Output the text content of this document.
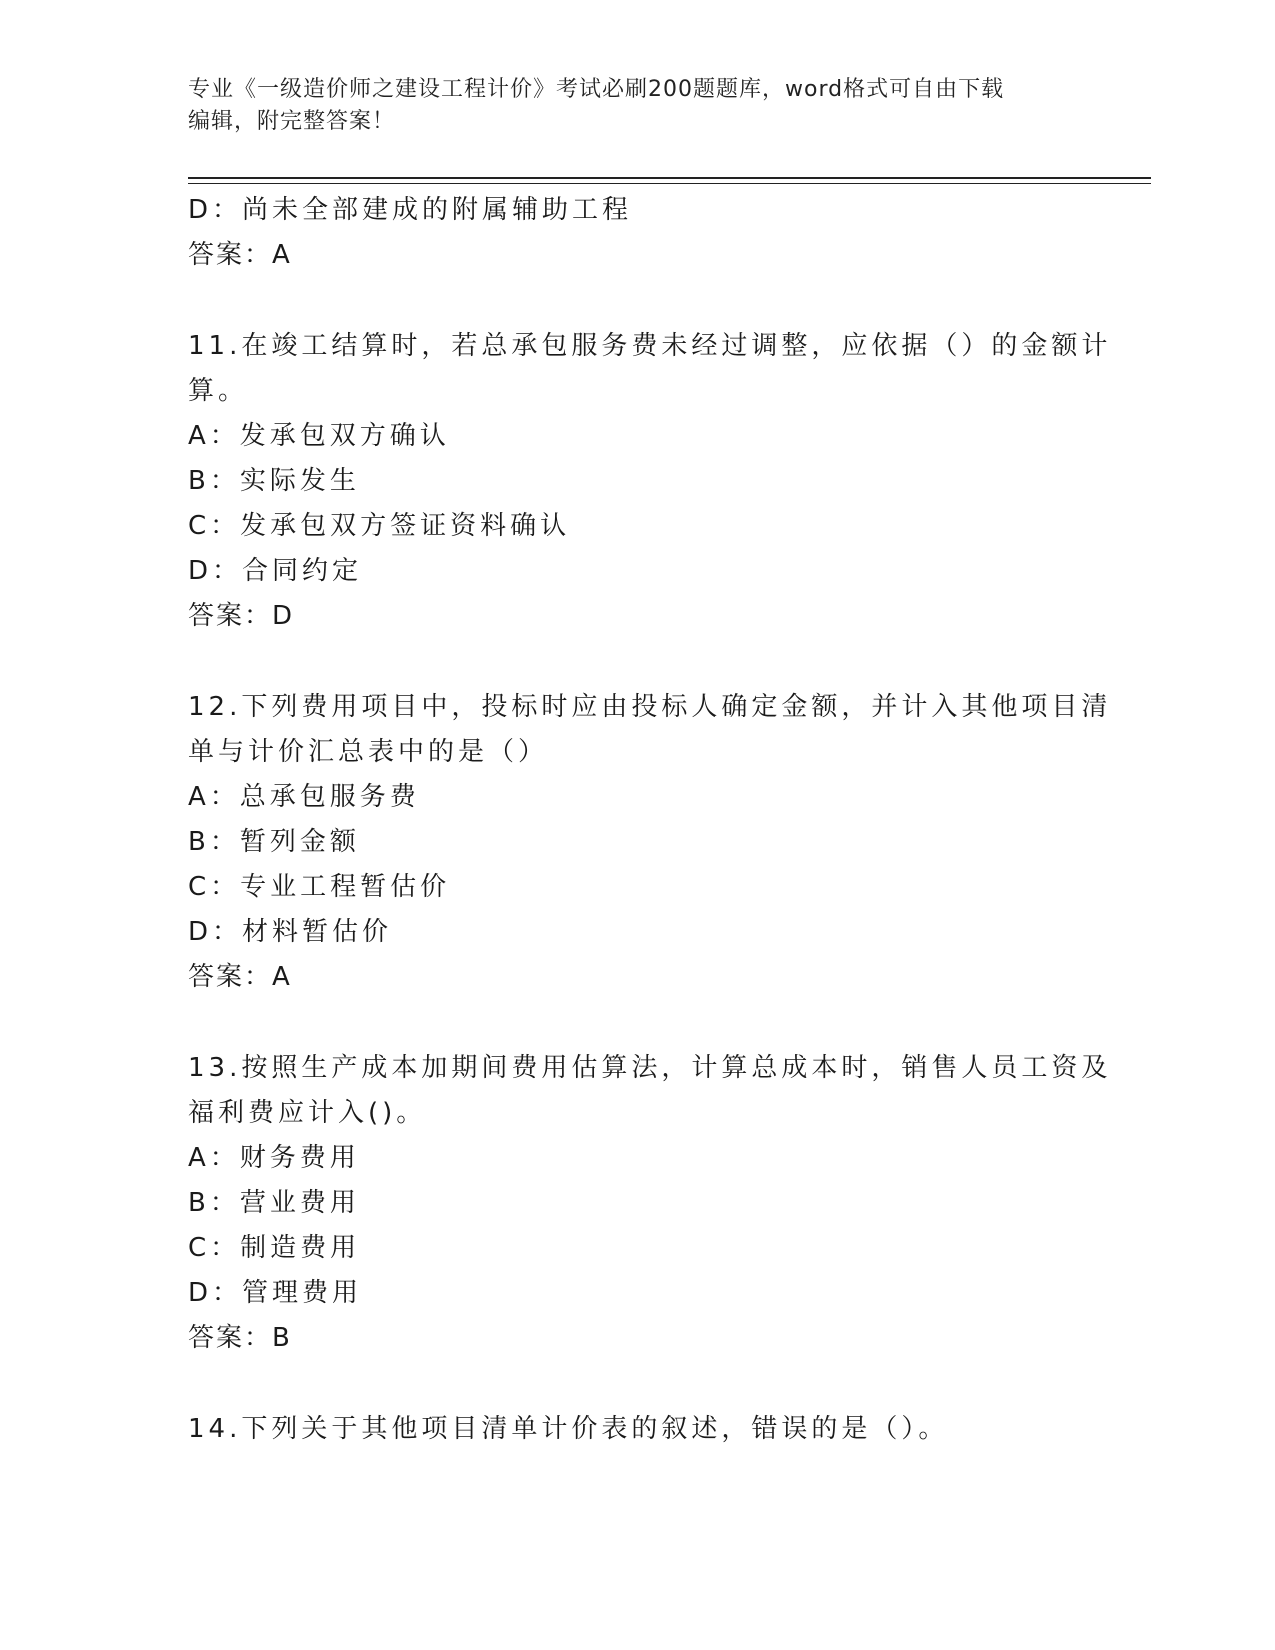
专业《一级造价师之建设工程计价》考试必刷200题题库，word格式可自由下载
编辑，附完整答案！
D：尚未全部建成的附属辅助工程
答案：A
11.在竣工结算时，若总承包服务费未经过调整，应依据（）的金额计
算。
A：发承包双方确认
B：实际发生
C：发承包双方签证资料确认
D：合同约定
答案：D
12.下列费用项目中，投标时应由投标人确定金额，并计入其他项目清
单与计价汇总表中的是（）
A：总承包服务费
B：暂列金额
C：专业工程暂估价
D：材料暂估价
答案：A
13.按照生产成本加期间费用估算法，计算总成本时，销售人员工资及
福利费应计入()。
A：财务费用
B：营业费用
C：制造费用
D：管理费用
答案：B
14.下列关于其他项目清单计价表的叙述，错误的是（）。
